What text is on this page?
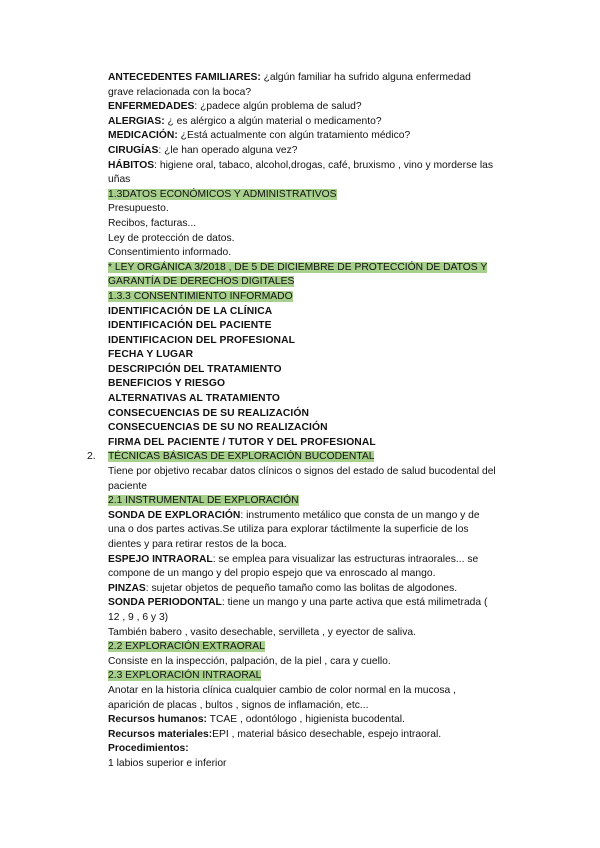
ANTECEDENTES FAMILIARES: ¿algún familiar ha sufrido alguna enfermedad
grave relacionada con la boca?
ENFERMEDADES: ¿padece algún problema de salud?
ALERGIAS: ¿ es alérgico a algún material o medicamento?
MEDICACIÓN: ¿Está actualmente con algún tratamiento médico?
CIRUGÍAS: ¿le han operado alguna vez?
HÁBITOS: higiene oral, tabaco, alcohol,drogas, café, bruxismo , vino y morderse las
uñas
1.3DATOS ECONÓMICOS Y ADMINISTRATIVOS
Presupuesto.
Recibos, facturas...
Ley de protección de datos.
Consentimiento informado.
* LEY ORGÁNICA 3/2018 , DE 5 DE DICIEMBRE DE PROTECCIÓN DE DATOS Y
GARANTÍA DE DERECHOS DIGITALES
1.3.3 CONSENTIMIENTO INFORMADO
IDENTIFICACIÓN DE LA CLÍNICA
IDENTIFICACIÓN DEL PACIENTE
IDENTIFICACION DEL PROFESIONAL
FECHA Y LUGAR
DESCRIPCIÓN DEL TRATAMIENTO
BENEFICIOS Y RIESGO
ALTERNATIVAS AL TRATAMIENTO
CONSECUENCIAS DE SU REALIZACIÓN
CONSECUENCIAS DE SU NO REALIZACIÓN
FIRMA DEL PACIENTE / TUTOR Y DEL PROFESIONAL
2. TÉCNICAS BÁSICAS DE EXPLORACIÓN BUCODENTAL
Tiene por objetivo recabar datos clínicos o signos del estado de salud bucodental del
paciente
2.1 INSTRUMENTAL DE EXPLORACIÓN
SONDA DE EXPLORACIÓN: instrumento metálico que consta de un mango y de
una o dos partes activas.Se utiliza para explorar táctilmente la superficie de los
dientes y para retirar restos de la boca.
ESPEJO INTRAORAL: se emplea para visualizar las estructuras intraorales... se
compone de un mango y del propio espejo que va enroscado al mango.
PINZAS: sujetar objetos de pequeño tamaño como las bolitas de algodones.
SONDA PERIODONTAL: tiene un mango y una parte activa que está milimetrada (
12 , 9 , 6 y 3)
También babero , vasito desechable, servilleta , y eyector de saliva.
2.2 EXPLORACIÓN EXTRAORAL
Consiste en la inspección, palpación, de la piel , cara y cuello.
2.3 EXPLORACIÓN INTRAORAL
Anotar en la historia clínica cualquier cambio de color normal en la mucosa ,
aparición de placas , bultos , signos de inflamación, etc...
Recursos humanos: TCAE , odontólogo , higienista bucodental.
Recursos materiales:EPI , material básico desechable, espejo intraoral.
Procedimientos:
1 labios superior e inferior
